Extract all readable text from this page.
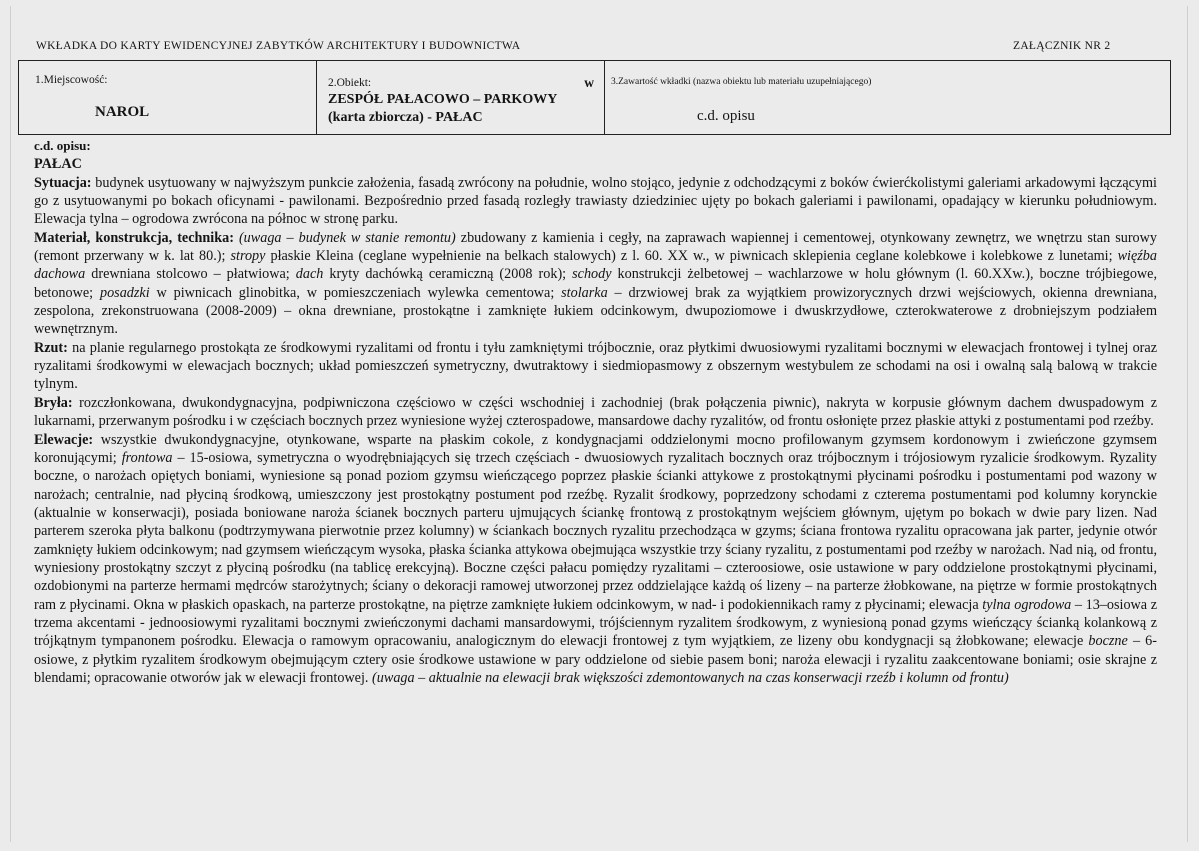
WKŁADKA DO KARTY EWIDENCYJNEJ ZABYTKÓW ARCHITEKTURY I BUDOWNICTWA	ZAŁĄCZNIK NR 2
1.Miejscowość:
NAROL
2.Obiekt:	w
ZESPÓŁ PAŁACOWO – PARKOWY
(karta zbiorcza) - PAŁAC
3.Zawartość wkładki (nazwa obiektu lub materiału uzupełniającego)
c.d. opisu

c.d. opisu:

PAŁAC

Sytuacja: budynek usytuowany w najwyższym punkcie założenia, fasadą zwrócony na południe, wolno stojąco, jedynie z odchodzącymi z boków ćwierćkolistymi galeriami arkadowymi łączącymi go z usytuowanymi po bokach oficynami - pawilonami. Bezpośrednio przed fasadą rozległy trawiasty dziedziniec ujęty po bokach galeriami i pawilonami, opadający w kierunku południowym. Elewacja tylna – ogrodowa zwrócona na północ w stronę parku.

Materiał, konstrukcja, technika: (uwaga – budynek w stanie remontu) zbudowany z kamienia i cegły, na zaprawach wapiennej i cementowej, otynkowany zewnętrz, we wnętrzu stan surowy (remont przerwany w k. lat 80.); stropy płaskie Kleina (ceglane wypełnienie na belkach stalowych) z l. 60. XX w., w piwnicach sklepienia ceglane kolebkowe i kolebkowe z lunetami; więźba dachowa drewniana stolcowo – płatwiowa; dach kryty dachówką ceramiczną (2008 rok); schody konstrukcji żelbetowej – wachlarzowe w holu głównym (l. 60.XXw.), boczne trójbiegowe, betonowe; posadzki w piwnicach glinobitka, w pomieszczeniach wylewka cementowa; stolarka – drzwiowej brak za wyjątkiem prowizorycznych drzwi wejściowych, okienna drewniana, zespolona, zrekonstruowana (2008-2009) – okna drewniane, prostokątne i zamknięte łukiem odcinkowym, dwupoziomowe i dwuskrzydłowe, czterokwaterowe z drobniejszym podziałem wewnętrznym.

Rzut: na planie regularnego prostokąta ze środkowymi ryzalitami od frontu i tyłu zamkniętymi trójbocznie, oraz płytkimi dwuosiowymi ryzalitami bocznymi w elewacjach frontowej i tylnej oraz ryzalitami środkowymi w elewacjach bocznych; układ pomieszczeń symetryczny, dwutraktowy i siedmiopasmowy z obszernym westybulem ze schodami na osi i owalną salą balową w trakcie tylnym.

Bryła: rozczłonkowana, dwukondygnacyjna, podpiwniczona częściowo w części wschodniej i zachodniej (brak połączenia piwnic), nakryta w korpusie głównym dachem dwuspadowym z lukarnami, przerwanym pośrodku i w częściach bocznych przez wyniesione wyżej czterospadowe, mansardowe dachy ryzalitów, od frontu osłonięte przez płaskie attyki z postumentami pod rzeźby.

Elewacje: wszystkie dwukondygnacyjne, otynkowane, wsparte na płaskim cokole, z kondygnacjami oddzielonymi mocno profilowanym gzymsem kordonowym i zwieńczone gzymsem koronującymi; frontowa – 15-osiowa, symetryczna o wyodrębniających się trzech częściach - dwuosiowych ryzalitach bocznych oraz trójbocznym i trójosiowym ryzalicie środkowym. Ryzality boczne, o narożach opiętych boniami, wyniesione są ponad poziom gzymsu wieńczącego poprzez płaskie ścianki attykowe z prostokątnymi płycinami pośrodku i postumentami pod wazony w narożach; centralnie, nad płyciną środkową, umieszczony jest prostokątny postument pod rzeźbę. Ryzalit środkowy, poprzedzony schodami z czterema postumentami pod kolumny korynckie (aktualnie w konserwacji), posiada boniowane naroża ścianek bocznych parteru ujmujących ściankę frontową z prostokątnym wejściem głównym, ujętym po bokach w dwie pary lizen. Nad parterem szeroka płyta balkonu (podtrzymywana pierwotnie przez kolumny) w ściankach bocznych ryzalitu przechodząca w gzyms; ściana frontowa ryzalitu opracowana jak parter, jedynie otwór zamknięty łukiem odcinkowym; nad gzymsem wieńczącym wysoka, płaska ścianka attykowa obejmująca wszystkie trzy ściany ryzalitu, z postumentami pod rzeźby w narożach. Nad nią, od frontu, wyniesiony prostokątny szczyt z płyciną pośrodku (na tablicę erekcyjną). Boczne części pałacu pomiędzy ryzalitami – czteroosiowe, osie ustawione w pary oddzielone prostokątnymi płycinami, ozdobionymi na parterze hermami mędrców starożytnych; ściany o dekoracji ramowej utworzonej przez oddzielające każdą oś lizeny – na parterze żłobkowane, na piętrze w formie prostokątnych ram z płycinami. Okna w płaskich opaskach, na parterze prostokątne, na piętrze zamknięte łukiem odcinkowym, w nad- i podokiennikach ramy z płycinami; elewacja tylna ogrodowa – 13–osiowa z trzema akcentami - jednoosiowymi ryzalitami bocznymi zwieńczonymi dachami mansardowymi, trójściennym ryzalitem środkowym, z wyniesioną ponad gzyms wieńczący ścianką kolankową z trójkątnym tympanonem pośrodku. Elewacja o ramowym opracowaniu, analogicznym do elewacji frontowej z tym wyjątkiem, ze lizeny obu kondygnacji są żłobkowane; elewacje boczne – 6-osiowe, z płytkim ryzalitem środkowym obejmującym cztery osie środkowe ustawione w pary oddzielone od siebie pasem boni; naroża elewacji i ryzalitu zaakcentowane boniami; osie skrajne z blendami; opracowanie otworów jak w elewacji frontowej. (uwaga – aktualnie na elewacji brak większości zdemontowanych na czas konserwacji rzeźb i kolumn od frontu)
